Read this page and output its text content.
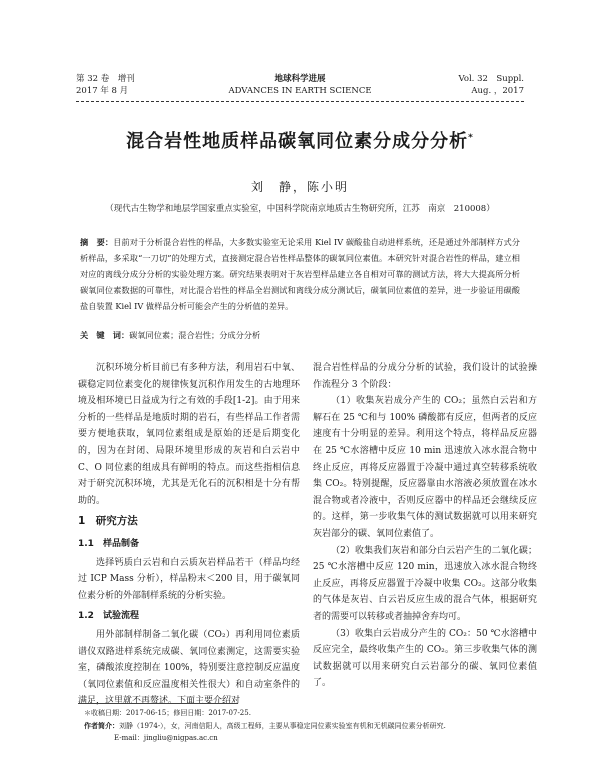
第 32 卷　增刊
2017 年 8 月
地球科学进展
ADVANCES IN EARTH SCIENCE
Vol. 32　Suppl.
Aug. ，2017
混合岩性地质样品碳氧同位素分成分分析*
刘　静，陈小明
（现代古生物学和地层学国家重点实验室，中国科学院南京地质古生物研究所，江苏　南京　210008）
摘　要：目前对于分析混合岩性的样品，大多数实验室无论采用 Kiel IV 碳酸盐自动进样系统，还是通过外部制样方式分析样品，多采取“一刀切”的处理方式，直接测定混合岩性样品整体的碳氧同位素值。本研究针对混合岩性的样品，建立相对应的离线分成分分析的实验处理方案。研究结果表明对于灰岩型样品建立各自相对可靠的测试方法，将大大提高所分析碳氧同位素数据的可靠性，对比混合岩性的样品全岩测试和离线分成分测试后，碳氧同位素值的差异，进一步验证用碳酸盐自装置 Kiel IV 做样品分析可能会产生的分析值的差异。
关　键　词：碳氧同位素；混合岩性；分成分分析

沉积环境分析目前已有多种方法，利用岩石中氧、碳稳定同位素变化的规律恢复沉积作用发生的古地理环境及相环境已日益成为行之有效的手段[1-2]。由于用来分析的一些样品是地质时期的岩石，有些样品工作者需要方便地获取，氧同位素组成是原始的还是后期变化的，因为在封闭、局限环境里形成的灰岩和白云岩中 C、O 同位素的组成具有鲜明的特点。而这些指相信息对于研究沉积环境，尤其是无化石的沉积相是十分有帮助的。

1　研究方法
1.1　样品制备

选择钙质白云岩和白云质灰岩样品若干（样品均经过 ICP Mass 分析），样品粉末＜200 目，用于碳氧同位素分析的外部制样系统的分析实验。

1.2　试验流程

用外部制样制备二氧化碳（CO₂）再利用同位素质谱仪双路进样系统完成碳、氧同位素测定，这需要实验室，磷酸浓度控制在 100%，特别要注意控制反应温度（氧同位素值和反应温度相关性很大）和自动室条件的满足，这里就不再赘述。下面主要介绍对

混合岩性样品的分成分分析的试验，我们设计的试验操作流程分 3 个阶段：

（1）收集灰岩成分产生的 CO₂；虽然白云岩和方解石在 25 ℃和与 100% 磷酸都有反应，但两者的反应速度有十分明显的差异。利用这个特点，将样品反应器在 25 ℃水溶槽中反应 10 min 迅速放入冰水混合物中终止反应，再将反应器置于冷凝中通过真空转移系统收集 CO₂。特别提醒，反应器靠由水溶液必须放置在冰水混合物或者冷液中，否则反应器中的样品还会继续反应的。这样，第一步收集气体的测试数据就可以用来研究灰岩部分的碳、氧同位素值了。

（2）收集我们灰岩和部分白云岩产生的二氧化碳；25 ℃水溶槽中反应 120 min，迅速放入冰水混合物终止反应，再将反应器置于冷凝中收集 CO₂。这部分收集的气体是灰岩、白云岩反应生成的混合气体，根据研究者的需要可以转移或者抽掉舍弃均可。

（3）收集白云岩成分产生的 CO₂：50 ℃水溶槽中反应完全，最终收集产生的 CO₂。第三步收集气体的测试数据就可以用来研究白云岩部分的碳、氧同位素值了。

＊收稿日期：2017-06-15；修回日期：2017-07-25.
作者简介：刘静（1974-），女，河南信阳人，高级工程师，主要从事稳定同位素实验室有机和无机碳同位素分析研究.
E-mail：jingliu@nigpas.ac.cn
